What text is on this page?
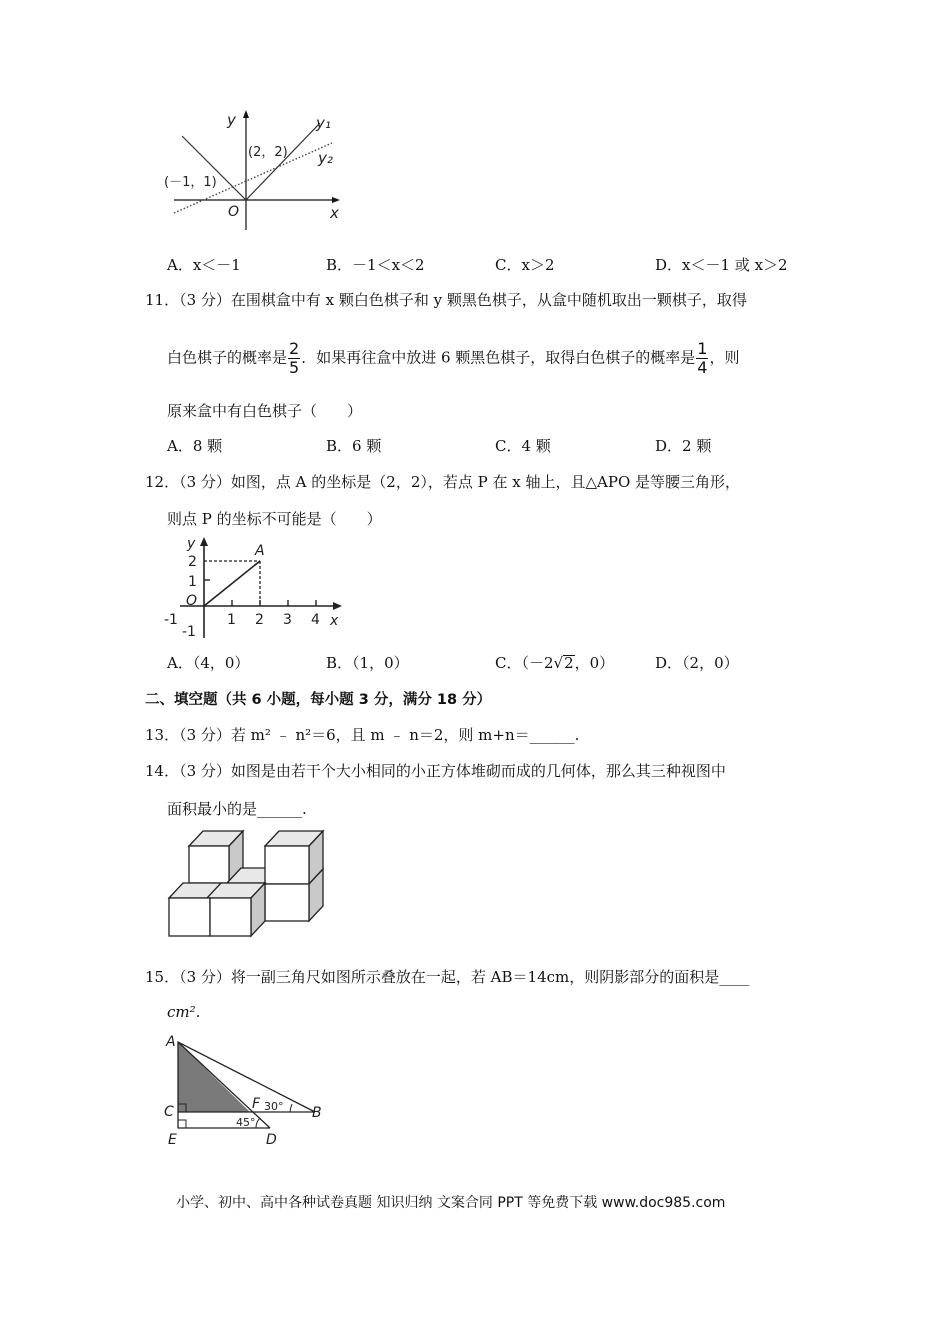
y	y₁
y₂
(2，2)
(－1，1)
O	x
A．x＜－1	B．－1＜x＜2	C．x＞2	D．x＜－1 或 x＞2
11．（3 分）在围棋盒中有 x 颗白色棋子和 y 颗黑色棋子，从盒中随机取出一颗棋子，取得
白色棋子的概率是 $\frac{2}{5}$ ．如果再往盒中放进 6 颗黑色棋子，取得白色棋子的概率是 $\frac{1}{4}$ ，则
原来盒中有白色棋子（　　）
A．8 颗	B．6 颗	C．4 颗	D．2 颗
12．（3 分）如图，点 A 的坐标是（2，2），若点 P 在 x 轴上，且△APO 是等腰三角形，
则点 P 的坐标不可能是（　　）
y	A
2
1
O
-1
-1	1 2 3 4 x
A．（4，0）	B．（1，0）	C．（－2√2，0）	D．（2，0）
二、填空题（共 6 小题，每小题 3 分，满分 18 分）
13．（3 分）若 m² ﹣ n²＝6，且 m ﹣ n＝2，则 m+n＝______.
14．（3 分）如图是由若干个大小相同的小正方体堆砌而成的几何体，那么其三种视图中
面积最小的是______.
15．（3 分）将一副三角尺如图所示叠放在一起，若 AB＝14cm，则阴影部分的面积是____
cm².
A
C
E
F 30° B
45°
D
小学、初中、高中各种试卷真题 知识归纳 文案合同 PPT 等免费下载 www.doc985.com
